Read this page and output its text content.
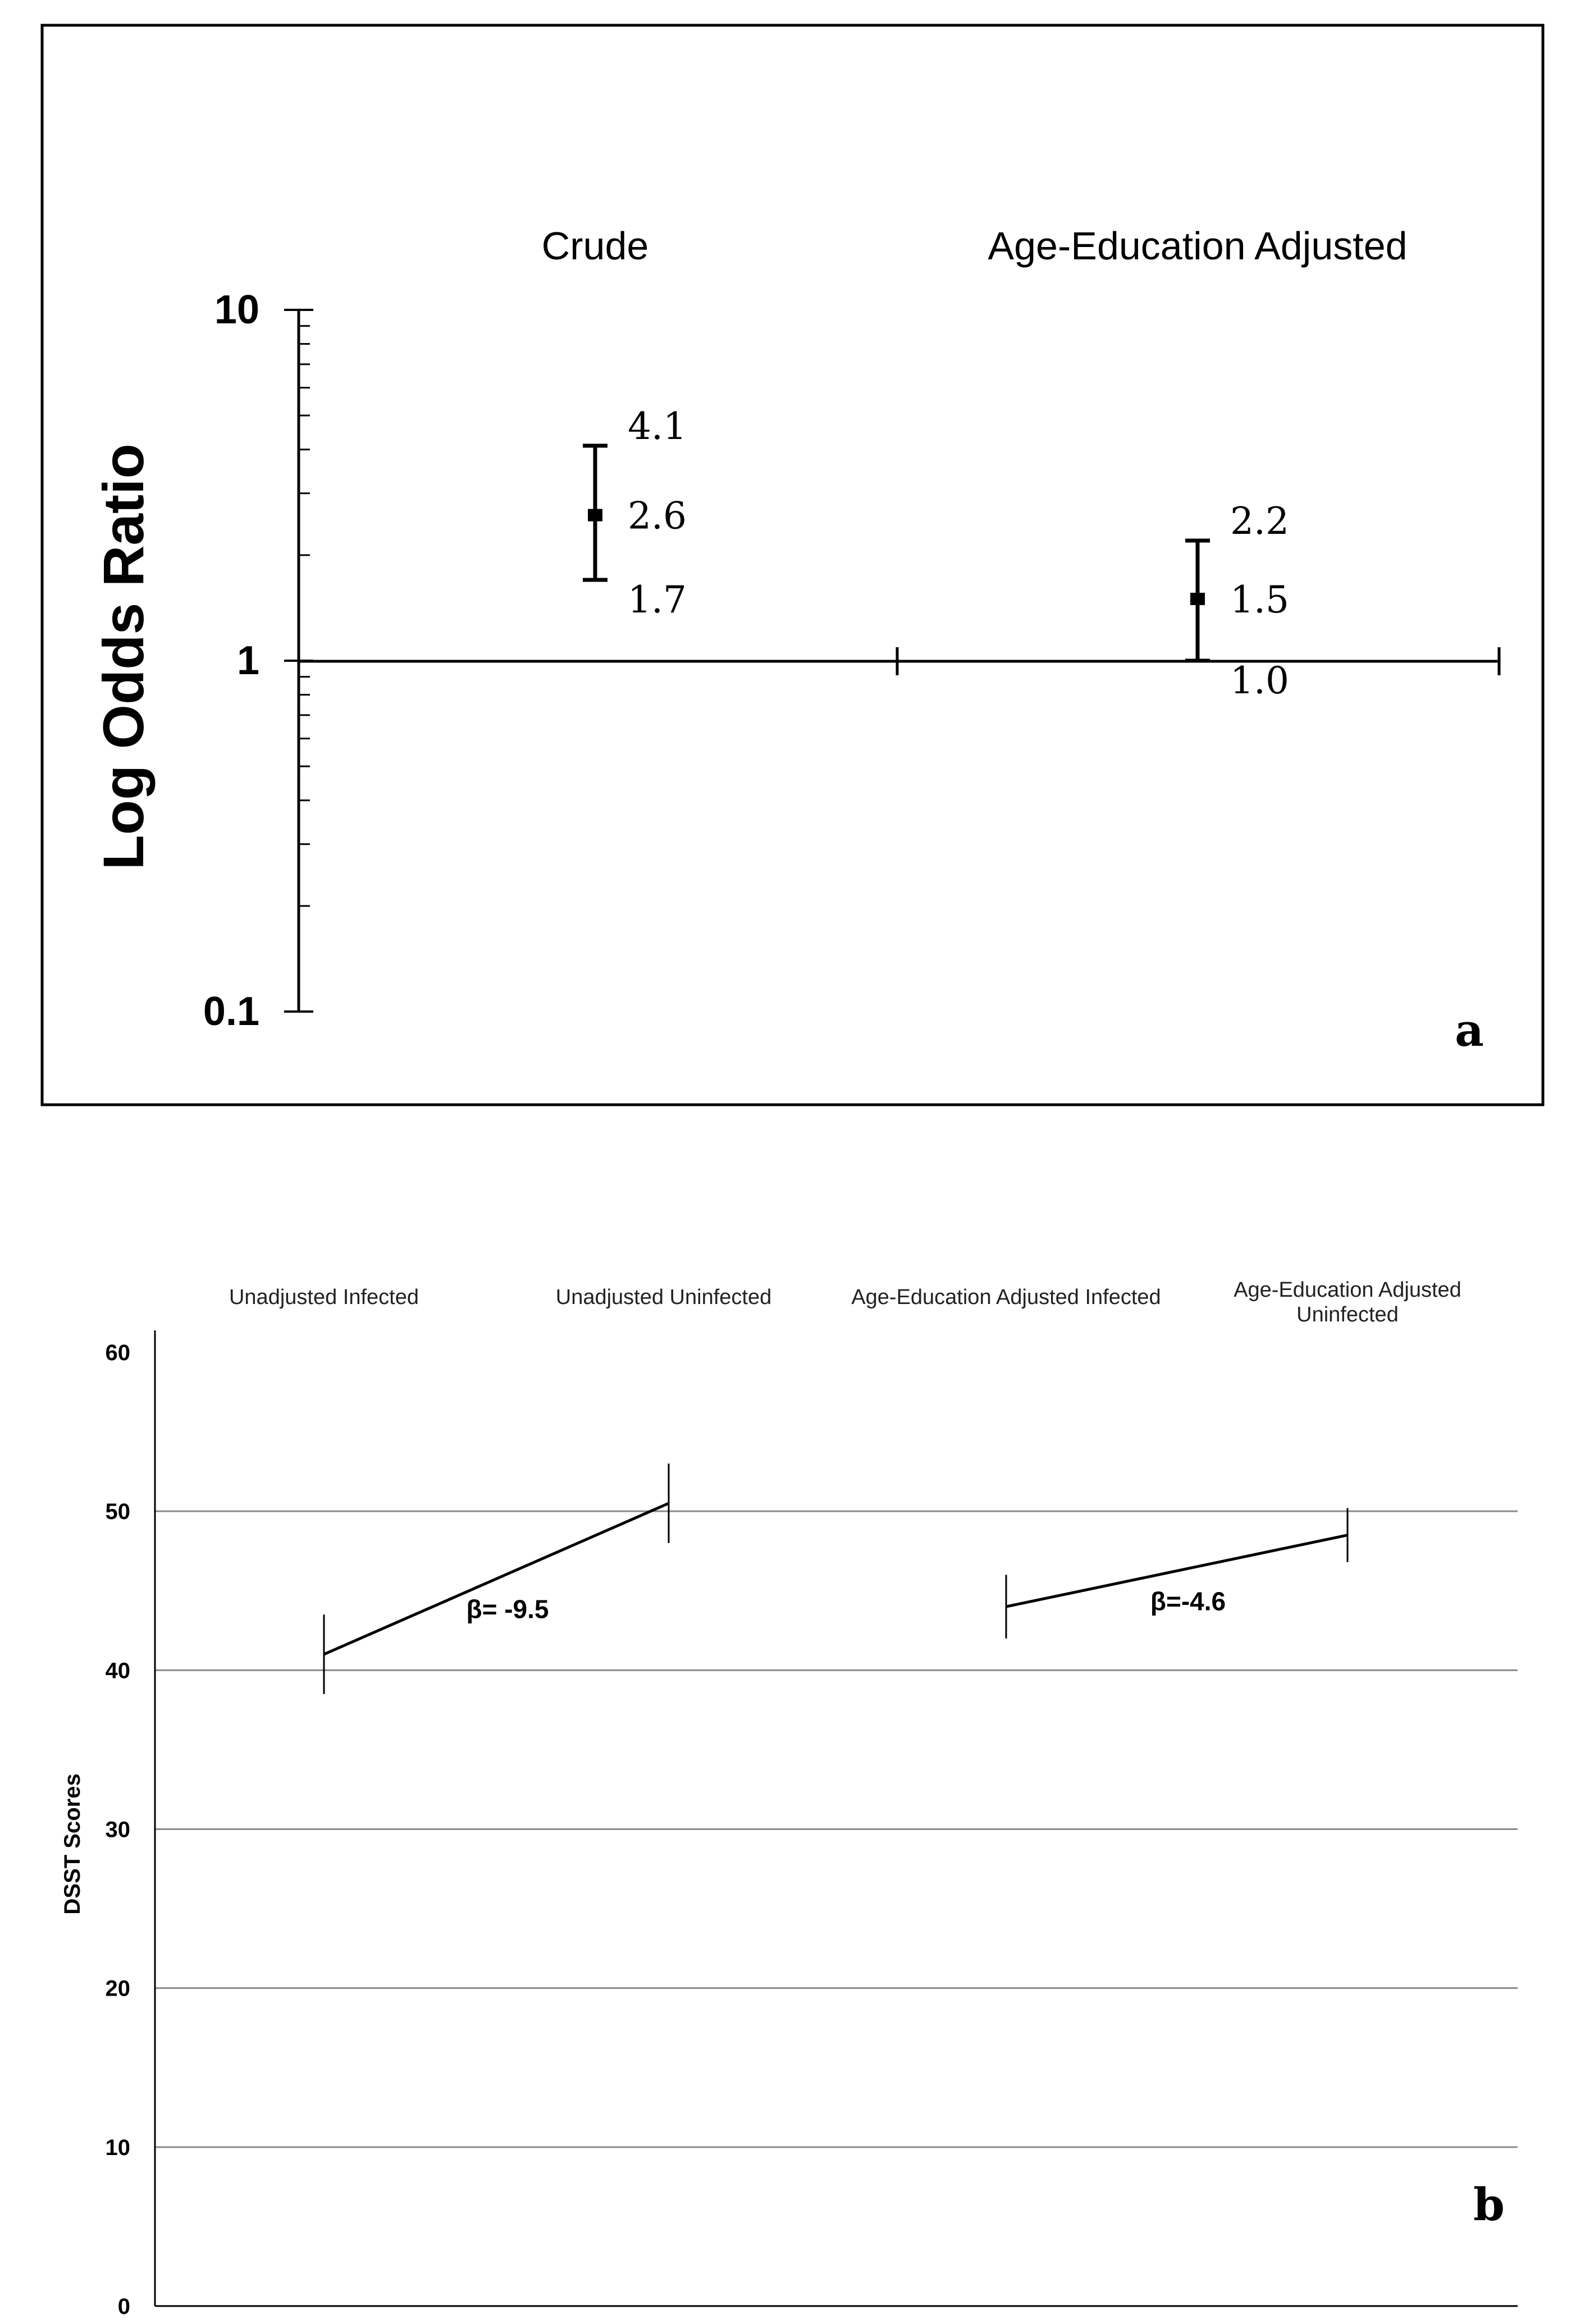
10
1
0.1
Log Odds Ratio
Crude	Age-Education Adjusted
4.1
2.6
1.7
2.2
1.5
1.0
a
0
10
20
30
40
50
60
DSST Scores
Unadjusted Infected	Unadjusted Uninfected	Age-Education Adjusted Infected	Age-Education Adjusted Uninfected
β= -9.5	β=-4.6
b
